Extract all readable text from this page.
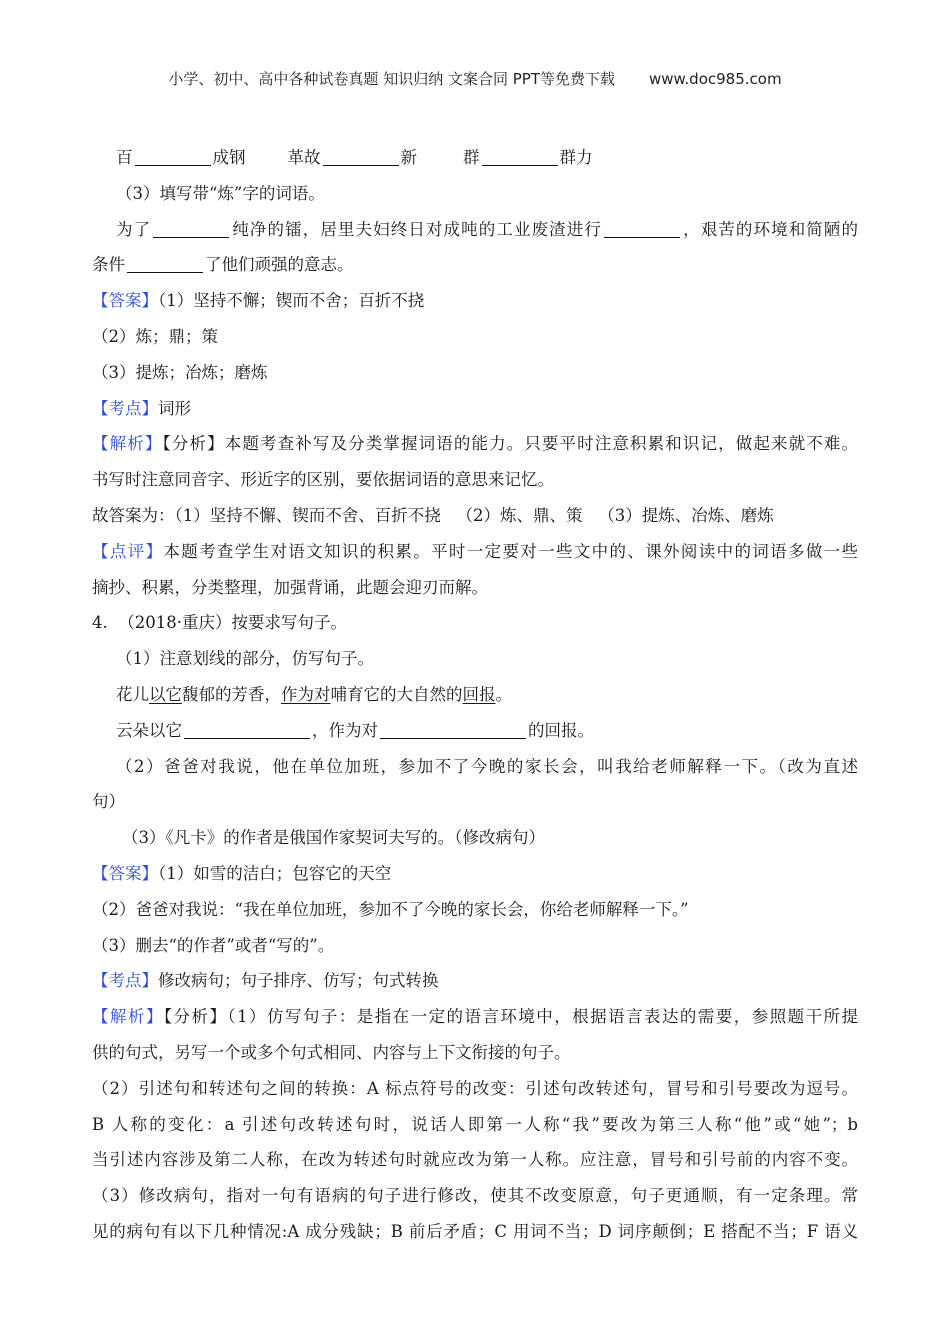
小学、初中、高中各种试卷真题 知识归纳 文案合同 PPT等免费下载 www.doc985.com
百	成钢	革故	新	群	群力
（3）填写带“炼”字的词语。
为了	纯净的镭，居里夫妇终日对成吨的工业废渣进行	，艰苦的环境和简陋的
条件	了他们顽强的意志。
【答案】（1）坚持不懈；锲而不舍；百折不挠
（2）炼；鼎；策
（3）提炼；冶炼；磨炼
【考点】词形
【解析】【分析】本题考查补写及分类掌握词语的能力。只要平时注意积累和识记，做起来就不难。
书写时注意同音字、形近字的区别，要依据词语的意思来记忆。
故答案为：（1）坚持不懈、锲而不舍、百折不挠   （2）炼、鼎、策   （3）提炼、冶炼、磨炼
【点评】本题考查学生对语文知识的积累。平时一定要对一些文中的、课外阅读中的词语多做一些
摘抄、积累，分类整理，加强背诵，此题会迎刃而解。
4.  （2018·重庆）按要求写句子。
（1）注意划线的部分，仿写句子。
花儿以它馥郁的芳香，作为对哺育它的大自然的回报。
云朵以它	，作为对	的回报。
（2）爸爸对我说，他在单位加班，参加不了今晚的家长会，叫我给老师解释一下。（改为直述
句）
（3）《凡卡》的作者是俄国作家契诃夫写的。（修改病句）
【答案】（1）如雪的洁白；包容它的天空
（2）爸爸对我说：“我在单位加班，参加不了今晚的家长会，你给老师解释一下。”
（3）删去“的作者”或者“写的”。
【考点】修改病句；句子排序、仿写；句式转换
【解析】【分析】（1）仿写句子：是指在一定的语言环境中，根据语言表达的需要，参照题干所提
供的句式，另写一个或多个句式相同、内容与上下文衔接的句子。
（2）引述句和转述句之间的转换：A 标点符号的改变：引述句改转述句，冒号和引号要改为逗号。
B 人称的变化：a 引述句改转述句时，说话人即第一人称“我”要改为第三人称“他”或“她”；b
当引述内容涉及第二人称，在改为转述句时就应改为第一人称。应注意，冒号和引号前的内容不变。
（3）修改病句，指对一句有语病的句子进行修改，使其不改变原意，句子更通顺，有一定条理。常
见的病句有以下几种情况:A 成分残缺；B 前后矛盾；C 用词不当；D 词序颠倒；E 搭配不当；F 语义
